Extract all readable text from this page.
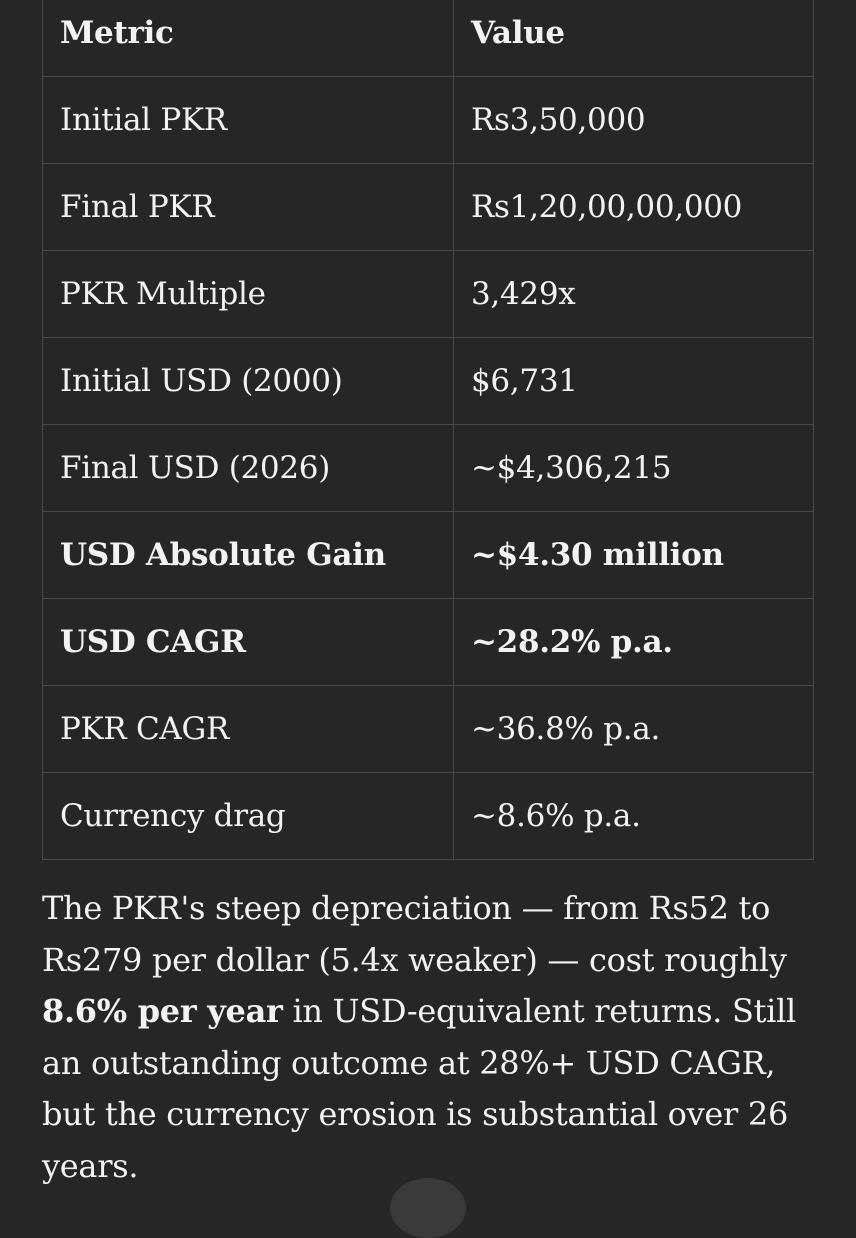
Metric	Value
Initial PKR	Rs3,50,000
Final PKR	Rs1,20,00,00,000
PKR Multiple	3,429x
Initial USD (2000)	$6,731
Final USD (2026)	~$4,306,215
USD Absolute Gain	~$4.30 million
USD CAGR	~28.2% p.a.
PKR CAGR	~36.8% p.a.
Currency drag	~8.6% p.a.

The PKR's steep depreciation — from Rs52 to Rs279 per dollar (5.4x weaker) — cost roughly 8.6% per year in USD-equivalent returns. Still an outstanding outcome at 28%+ USD CAGR, but the currency erosion is substantial over 26 years.
